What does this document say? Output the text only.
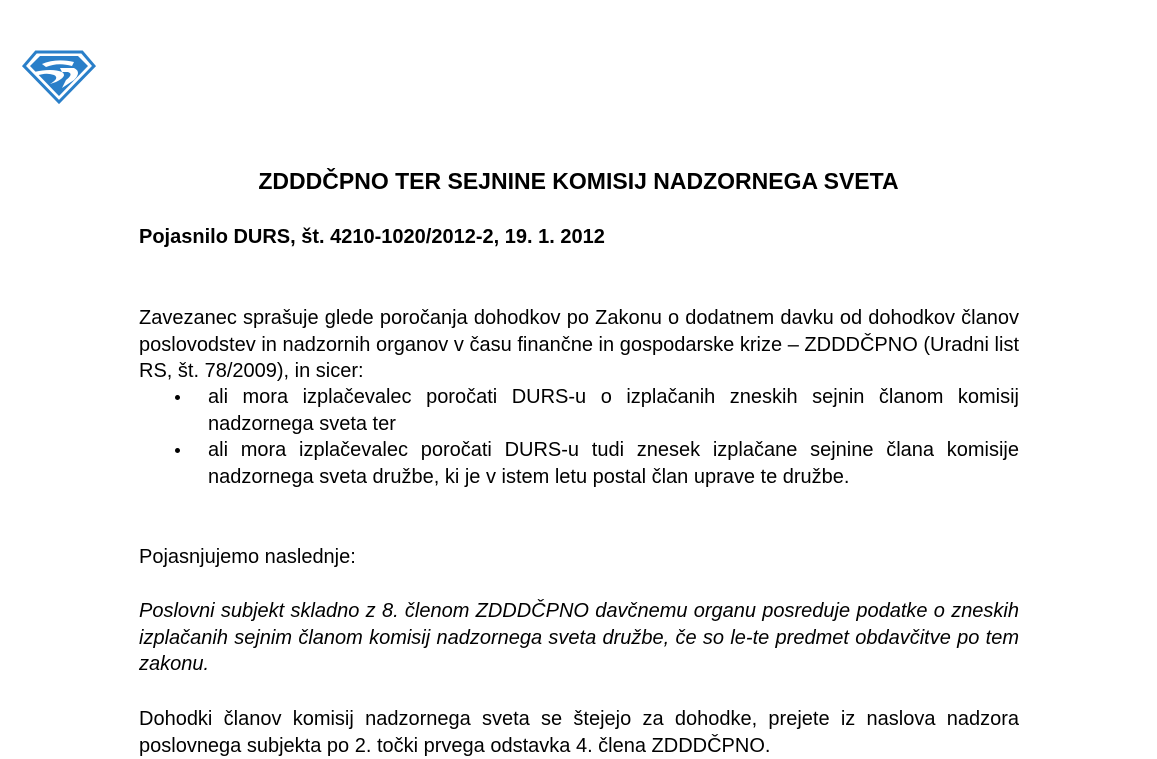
ZDDDČPNO TER SEJNINE KOMISIJ NADZORNEGA SVETA

Pojasnilo DURS, št. 4210-1020/2012-2, 19. 1. 2012

Zavezanec sprašuje glede poročanja dohodkov po Zakonu o dodatnem davku od dohodkov članov poslovodstev in nadzornih organov v času finančne in gospodarske krize – ZDDDČPNO (Uradni list RS, št. 78/2009), in sicer:

ali mora izplačevalec poročati DURS-u o izplačanih zneskih sejnin članom komisij nadzornega sveta ter
ali mora izplačevalec poročati DURS-u tudi znesek izplačane sejnine člana komisije nadzornega sveta družbe, ki je v istem letu postal član uprave te družbe.

Pojasnjujemo naslednje:

Poslovni subjekt skladno z 8. členom ZDDDČPNO davčnemu organu posreduje podatke o zneskih izplačanih sejnim članom komisij nadzornega sveta družbe, če so le-te predmet obdavčitve po tem zakonu.

Dohodki članov komisij nadzornega sveta se štejejo za dohodke, prejete iz naslova nadzora poslovnega subjekta po 2. točki prvega odstavka 4. člena ZDDDČPNO.
